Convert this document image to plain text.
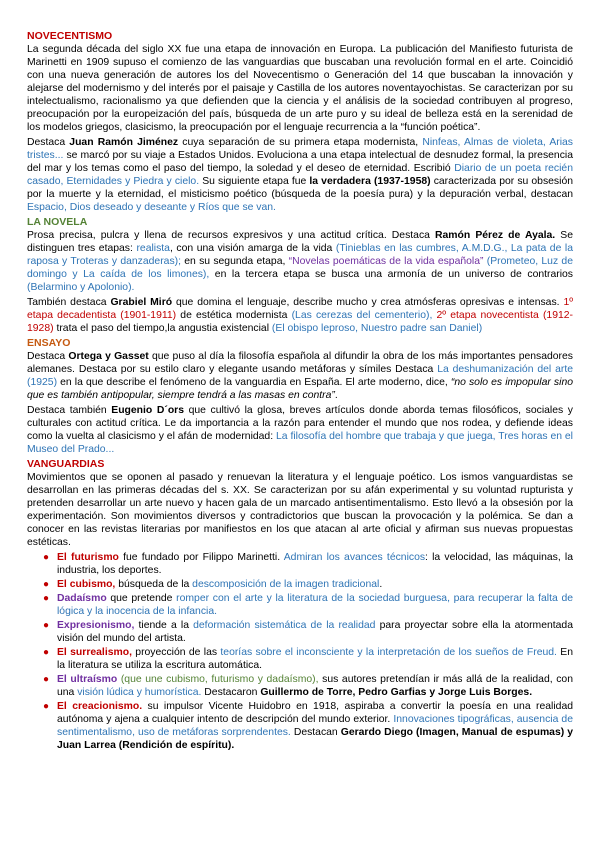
NOVECENTISMO

La segunda década del siglo XX fue una etapa de innovación en Europa. La publicación del Manifiesto futurista de Marinetti en 1909 supuso el comienzo de las vanguardias que buscaban una revolución formal en el arte. Coincidió con una nueva generación de autores los del Novecentismo o Generación del 14 que buscaban la innovación y alejarse del modernismo y del interés por el paisaje y Castilla de los autores noventayochistas. Se caracterizan por su intelectualismo, racionalismo ya que defienden que la ciencia y el análisis de la sociedad contribuyen al progreso, preocupación por la europeización del país, búsqueda de un arte puro y su ideal de belleza está en la serenidad de los modelos griegos, clasicismo, la preocupación por el lenguaje recurrencia a la “función poética”.

Destaca Juan Ramón Jiménez cuya separación de su primera etapa modernista, Ninfeas, Almas de violeta, Arias tristes... se marcó por su viaje a Estados Unidos. Evoluciona a una etapa intelectual de desnudez formal, la presencia del mar y los temas como el paso del tiempo, la soledad y el deseo de eternidad. Escribió Diario de un poeta recién casado, Eternidades y Piedra y cielo. Su siguiente etapa fue la verdadera (1937-1958) caracterizada por su obsesión por la muerte y la eternidad, el misticismo poético (búsqueda de la poesía pura) y la depuración verbal, destacan Espacio, Dios deseado y deseante y Ríos que se van.

LA NOVELA

Prosa precisa, pulcra y llena de recursos expresivos y una actitud crítica. Destaca Ramón Pérez de Ayala. Se distinguen tres etapas: realista, con una visión amarga de la vida (Tinieblas en las cumbres, A.M.D.G., La pata de la raposa y Troteras y danzaderas); en su segunda etapa, “Novelas poemáticas de la vida española” (Prometeo, Luz de domingo y La caída de los limones), en la tercera etapa se busca una armonía de un universo de contrarios (Belarmino y Apolonio).

También destaca Grabiel Miró que domina el lenguaje, describe mucho y crea atmósferas opresivas e intensas. 1º etapa decadentista (1901-1911) de estética modernista (Las cerezas del cementerio), 2º etapa novecentista (1912-1928) trata el paso del tiempo,la angustia existencial (El obispo leproso, Nuestro padre san Daniel)

ENSAYO

Destaca Ortega y Gasset que puso al día la filosofía española al difundir la obra de los más importantes pensadores alemanes. Destaca por su estilo claro y elegante usando metáforas y símiles Destaca La deshumanización del arte (1925) en la que describe el fenómeno de la vanguardia en España. El arte moderno, dice, “no solo es impopular sino que es también antipopular, siempre tendrá a las masas en contra”.

Destaca también Eugenio D´ors que cultivó la glosa, breves artículos donde aborda temas filosóficos, sociales y culturales con actitud crítica. Le da importancia a la razón para entender el mundo que nos rodea, y defiende ideas como la vuelta al clasicismo y el afán de modernidad: La filosofía del hombre que trabaja y que juega, Tres horas en el Museo del Prado...

VANGUARDIAS

Movimientos que se oponen al pasado y renuevan la literatura y el lenguaje poético. Los ismos vanguardistas se desarrollan en las primeras décadas del s. XX. Se caracterizan por su afán experimental y su voluntad rupturista y pretenden desarrollar un arte nuevo y hacen gala de un marcado antisentimentalismo. Esto llevó a la obsesión por la experimentación. Son movimientos diversos y contradictorios que buscan la provocación y la polémica. Se dan a conocer en las revistas literarias por manifiestos en los que atacan al arte oficial y afirman sus nuevas propuestas estéticas.

● El futurismo fue fundado por Filippo Marinetti. Admiran los avances técnicos: la velocidad, las máquinas, la industria, los deportes.
● El cubismo, búsqueda de la descomposición de la imagen tradicional.
● Dadaísmo que pretende romper con el arte y la literatura de la sociedad burguesa, para recuperar la falta de lógica y la inocencia de la infancia.
● Expresionismo, tiende a la deformación sistemática de la realidad para proyectar sobre ella la atormentada visión del mundo del artista.
● El surrealismo, proyección de las teorías sobre el inconsciente y la interpretación de los sueños de Freud. En la literatura se utiliza la escritura automática.
● El ultraísmo (que une cubismo, futurismo y dadaísmo), sus autores pretendían ir más allá de la realidad, con una visión lúdica y humorística. Destacaron Guillermo de Torre, Pedro Garfias y Jorge Luis Borges.
● El creacionismo. su impulsor Vicente Huidobro en 1918, aspiraba a convertir la poesía en una realidad autónoma y ajena a cualquier intento de descripción del mundo exterior. Innovaciones tipográficas, ausencia de sentimentalismo, uso de metáforas sorprendentes. Destacan Gerardo Diego (Imagen, Manual de espumas) y Juan Larrea (Rendición de espíritu).
